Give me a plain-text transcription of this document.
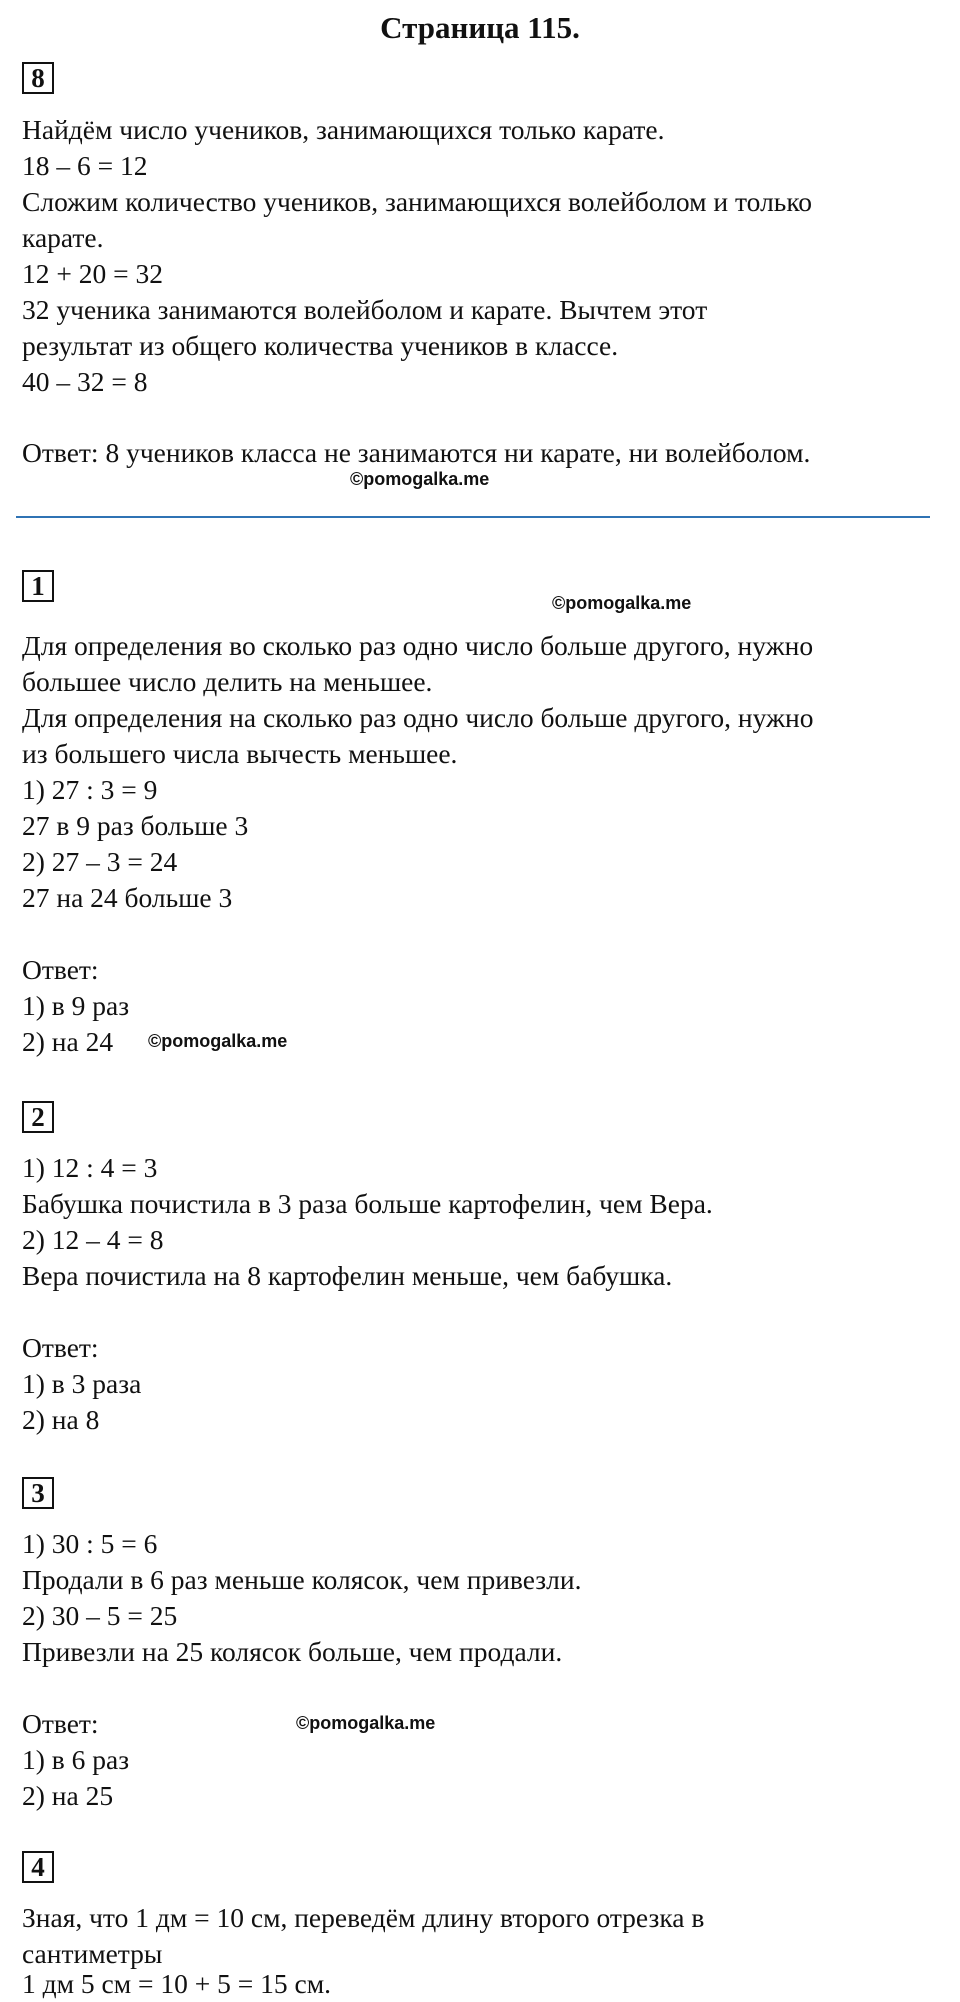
Страница 115.
8
Найдём число учеников, занимающихся только карате.
18 – 6 = 12
Сложим количество учеников, занимающихся волейболом и только
карате.
12 + 20 = 32
32 ученика занимаются волейболом и карате. Вычтем этот
результат из общего количества учеников в классе.
40 – 32 = 8
Ответ: 8 учеников класса не занимаются ни карате, ни волейболом.
©pomogalka.me
1
©pomogalka.me
Для определения во сколько раз одно число больше другого, нужно
большее число делить на меньшее.
Для определения на сколько раз одно число больше другого, нужно
из большего числа вычесть меньшее.
1) 27 : 3 = 9
27 в 9 раз больше 3
2) 27 – 3 = 24
27 на 24 больше 3
Ответ:
1) в 9 раз
2) на 24 ©pomogalka.me
2
1) 12 : 4 = 3
Бабушка почистила в 3 раза больше картофелин, чем Вера.
2) 12 – 4 = 8
Вера почистила на 8 картофелин меньше, чем бабушка.
Ответ:
1) в 3 раза
2) на 8
3
1) 30 : 5 = 6
Продали в 6 раз меньше колясок, чем привезли.
2) 30 – 5 = 25
Привезли на 25 колясок больше, чем продали.
Ответ:	©pomogalka.me
1) в 6 раз
2) на 25
4
Зная, что 1 дм = 10 см, переведём длину второго отрезка в
сантиметры
1 дм 5 см = 10 + 5 = 15 см.
